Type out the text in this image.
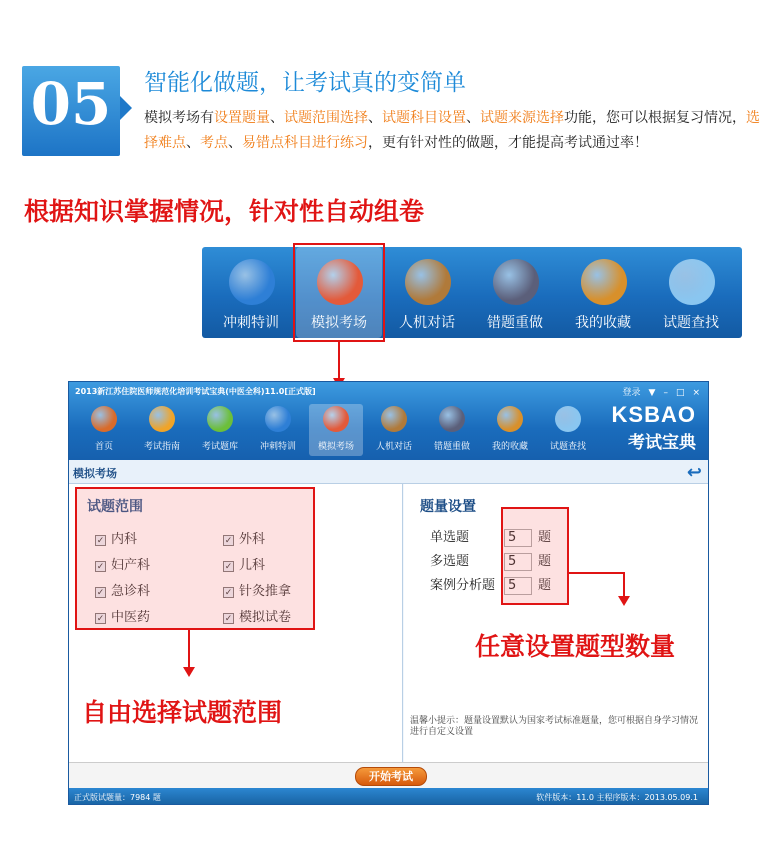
05	智能化做题，让考试真的变简单
模拟考场有设置题量、试题范围选择、试题科目设置、试题来源选择功能，您可以根据复习情况，选择难点、考点、易错点科目进行练习，更有针对性的做题，才能提高考试通过率！
根据知识掌握情况，针对性自动组卷
冲刺特训	模拟考场	人机对话	错题重做	我的收藏	试题查找
2013新江苏住院医师规范化培训考试宝典(中医全科)11.0[正式版]	登录 ▼ – □ ×
KSBAO
考试宝典
首页	考试指南	考试题库	冲刺特训	模拟考场	人机对话	错题重做	我的收藏	试题查找
模拟考场	↩
试题范围
✓ 内科	✓ 外科
✓ 妇产科	✓ 儿科
✓ 急诊科	✓ 针灸推拿
✓ 中医药	✓ 模拟试卷
题量设置
单选题	5 题
多选题	5 题
案例分析题 5 题
温馨小提示：题量设置默认为国家考试标准题量，您可根据自身学习情况进行自定义设置
开始考试
正式版试题量：7984 题	软件版本：11.0 主程序版本：2013.05.09.1
任意设置题型数量
自由选择试题范围
